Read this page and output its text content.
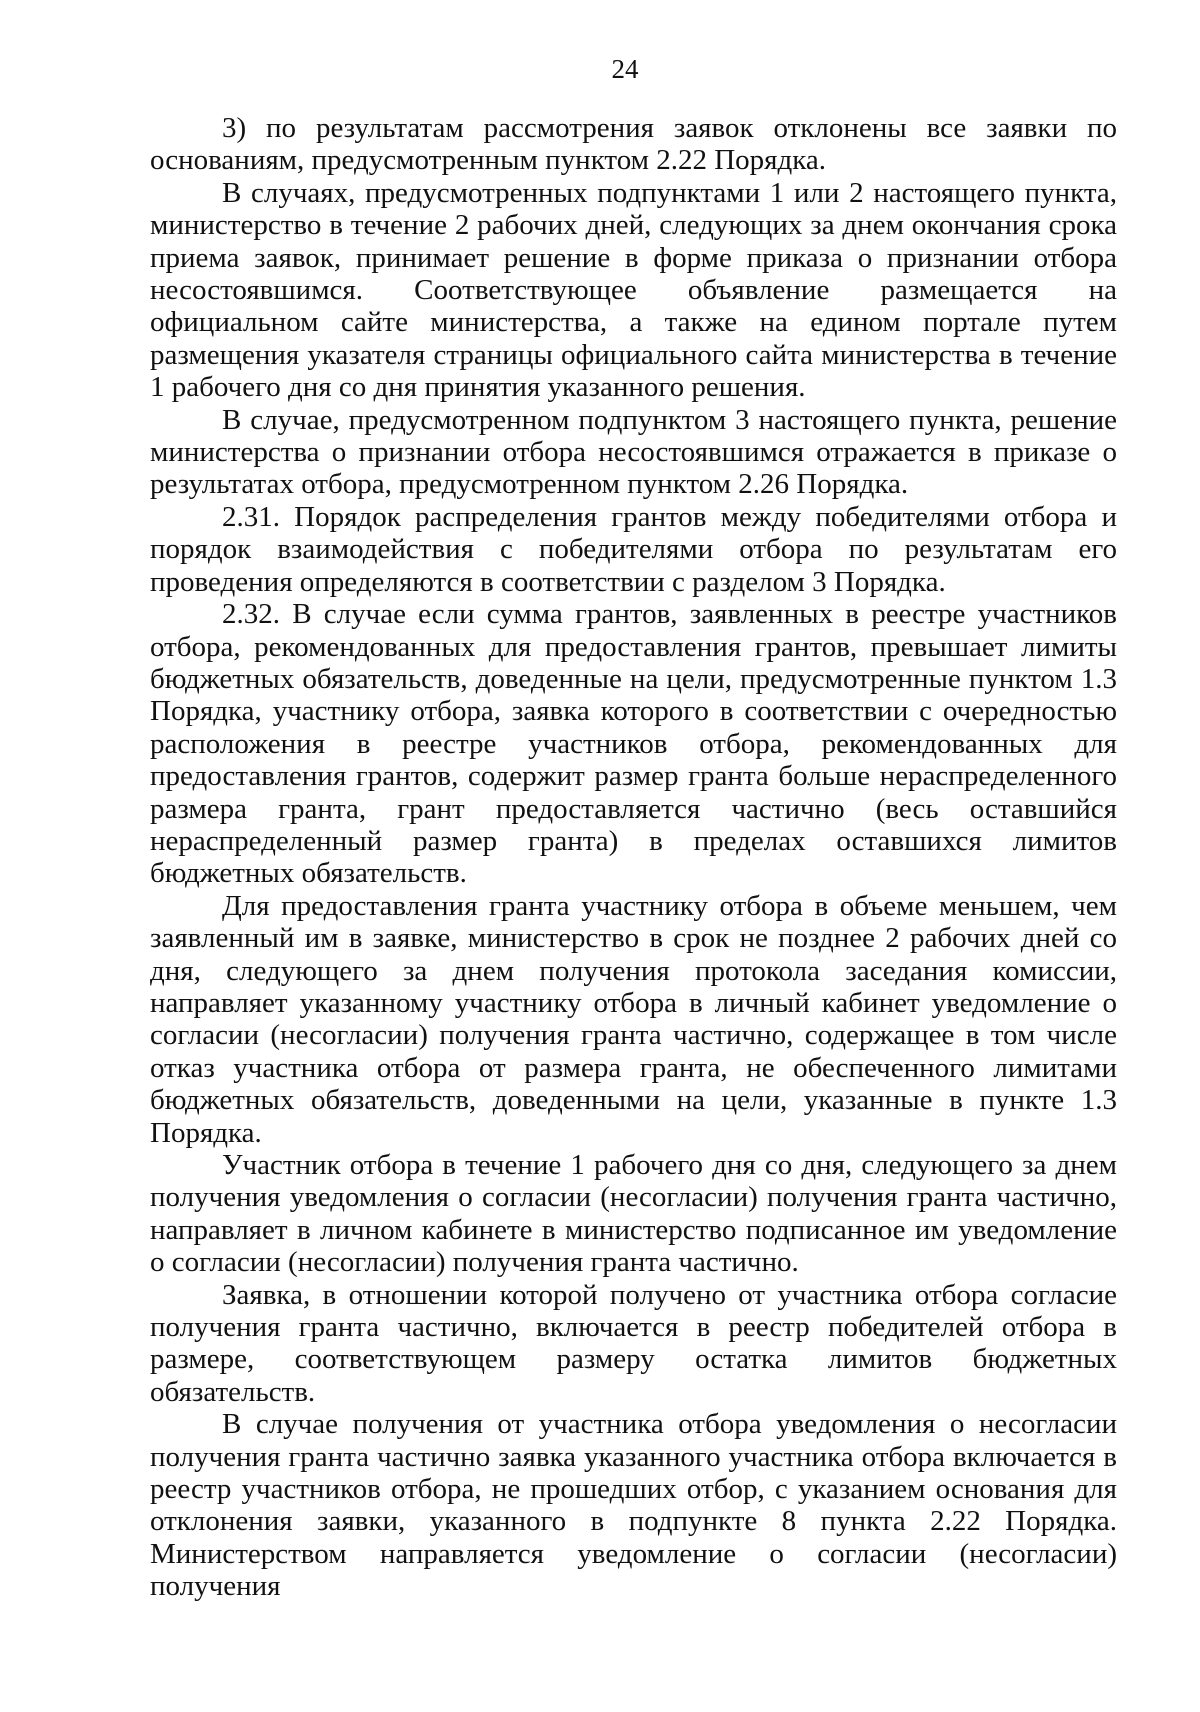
24

3) по результатам рассмотрения заявок отклонены все заявки по основаниям, предусмотренным пунктом 2.22 Порядка.

В случаях, предусмотренных подпунктами 1 или 2 настоящего пункта, министерство в течение 2 рабочих дней, следующих за днем окончания срока приема заявок, принимает решение в форме приказа о признании отбора несостоявшимся. Соответствующее объявление размещается на официальном сайте министерства, а также на едином портале путем размещения указателя страницы официального сайта министерства в течение 1 рабочего дня со дня принятия указанного решения.

В случае, предусмотренном подпунктом 3 настоящего пункта, решение министерства о признании отбора несостоявшимся отражается в приказе о результатах отбора, предусмотренном пунктом 2.26 Порядка.

2.31. Порядок распределения грантов между победителями отбора и порядок взаимодействия с победителями отбора по результатам его проведения определяются в соответствии с разделом 3 Порядка.

2.32. В случае если сумма грантов, заявленных в реестре участников отбора, рекомендованных для предоставления грантов, превышает лимиты бюджетных обязательств, доведенные на цели, предусмотренные пунктом 1.3 Порядка, участнику отбора, заявка которого в соответствии с очередностью расположения в реестре участников отбора, рекомендованных для предоставления грантов, содержит размер гранта больше нераспределенного размера гранта, грант предоставляется частично (весь оставшийся нераспределенный размер гранта) в пределах оставшихся лимитов бюджетных обязательств.

Для предоставления гранта участнику отбора в объеме меньшем, чем заявленный им в заявке, министерство в срок не позднее 2 рабочих дней со дня, следующего за днем получения протокола заседания комиссии, направляет указанному участнику отбора в личный кабинет уведомление о согласии (несогласии) получения гранта частично, содержащее в том числе отказ участника отбора от размера гранта, не обеспеченного лимитами бюджетных обязательств, доведенными на цели, указанные в пункте 1.3 Порядка.

Участник отбора в течение 1 рабочего дня со дня, следующего за днем получения уведомления о согласии (несогласии) получения гранта частично, направляет в личном кабинете в министерство подписанное им уведомление о согласии (несогласии) получения гранта частично.

Заявка, в отношении которой получено от участника отбора согласие получения гранта частично, включается в реестр победителей отбора в размере, соответствующем размеру остатка лимитов бюджетных обязательств.

В случае получения от участника отбора уведомления о несогласии получения гранта частично заявка указанного участника отбора включается в реестр участников отбора, не прошедших отбор, с указанием основания для отклонения заявки, указанного в подпункте 8 пункта 2.22 Порядка. Министерством направляется уведомление о согласии (несогласии) получения
